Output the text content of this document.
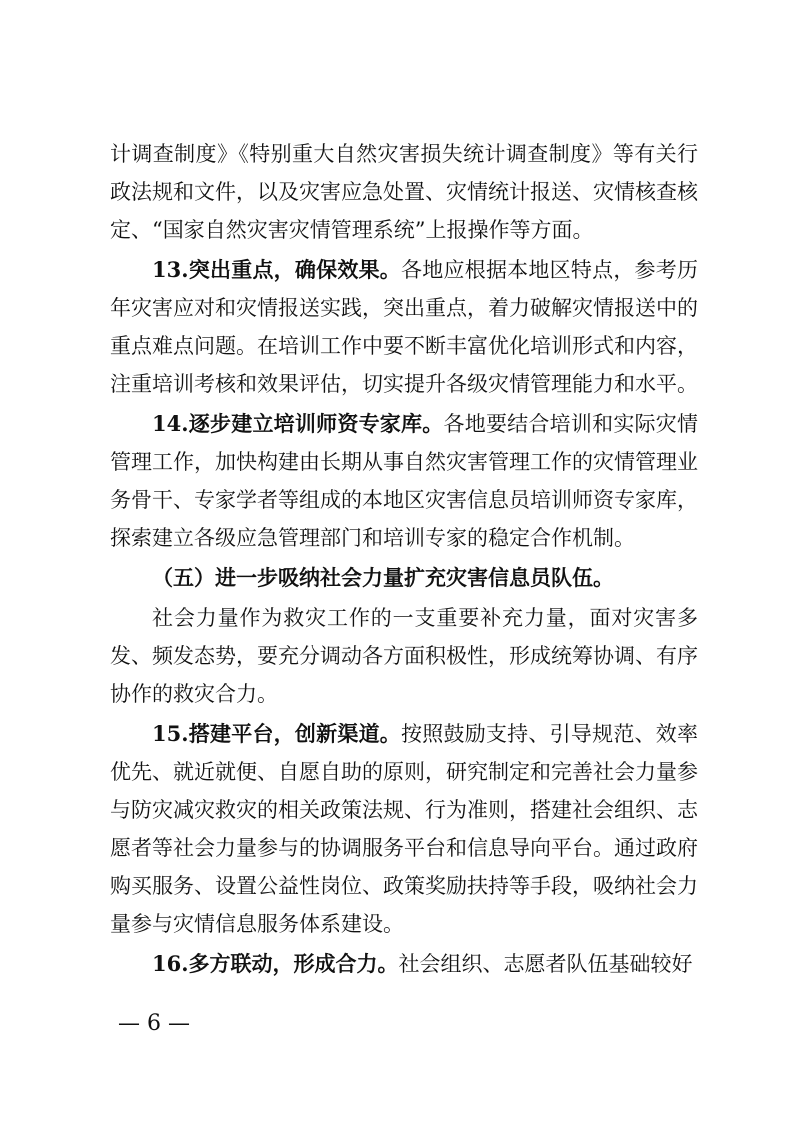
计调查制度》《特别重大自然灾害损失统计调查制度》等有关行政法规和文件，以及灾害应急处置、灾情统计报送、灾情核查核定、“国家自然灾害灾情管理系统”上报操作等方面。

13.突出重点，确保效果。各地应根据本地区特点，参考历年灾害应对和灾情报送实践，突出重点，着力破解灾情报送中的重点难点问题。在培训工作中要不断丰富优化培训形式和内容，注重培训考核和效果评估，切实提升各级灾情管理能力和水平。

14.逐步建立培训师资专家库。各地要结合培训和实际灾情管理工作，加快构建由长期从事自然灾害管理工作的灾情管理业务骨干、专家学者等组成的本地区灾害信息员培训师资专家库，探索建立各级应急管理部门和培训专家的稳定合作机制。

（五）进一步吸纳社会力量扩充灾害信息员队伍。

社会力量作为救灾工作的一支重要补充力量，面对灾害多发、频发态势，要充分调动各方面积极性，形成统筹协调、有序协作的救灾合力。

15.搭建平台，创新渠道。按照鼓励支持、引导规范、效率优先、就近就便、自愿自助的原则，研究制定和完善社会力量参与防灾减灾救灾的相关政策法规、行为准则，搭建社会组织、志愿者等社会力量参与的协调服务平台和信息导向平台。通过政府购买服务、设置公益性岗位、政策奖励扶持等手段，吸纳社会力量参与灾情信息服务体系建设。

16.多方联动，形成合力。社会组织、志愿者队伍基础较好

— 6 —
